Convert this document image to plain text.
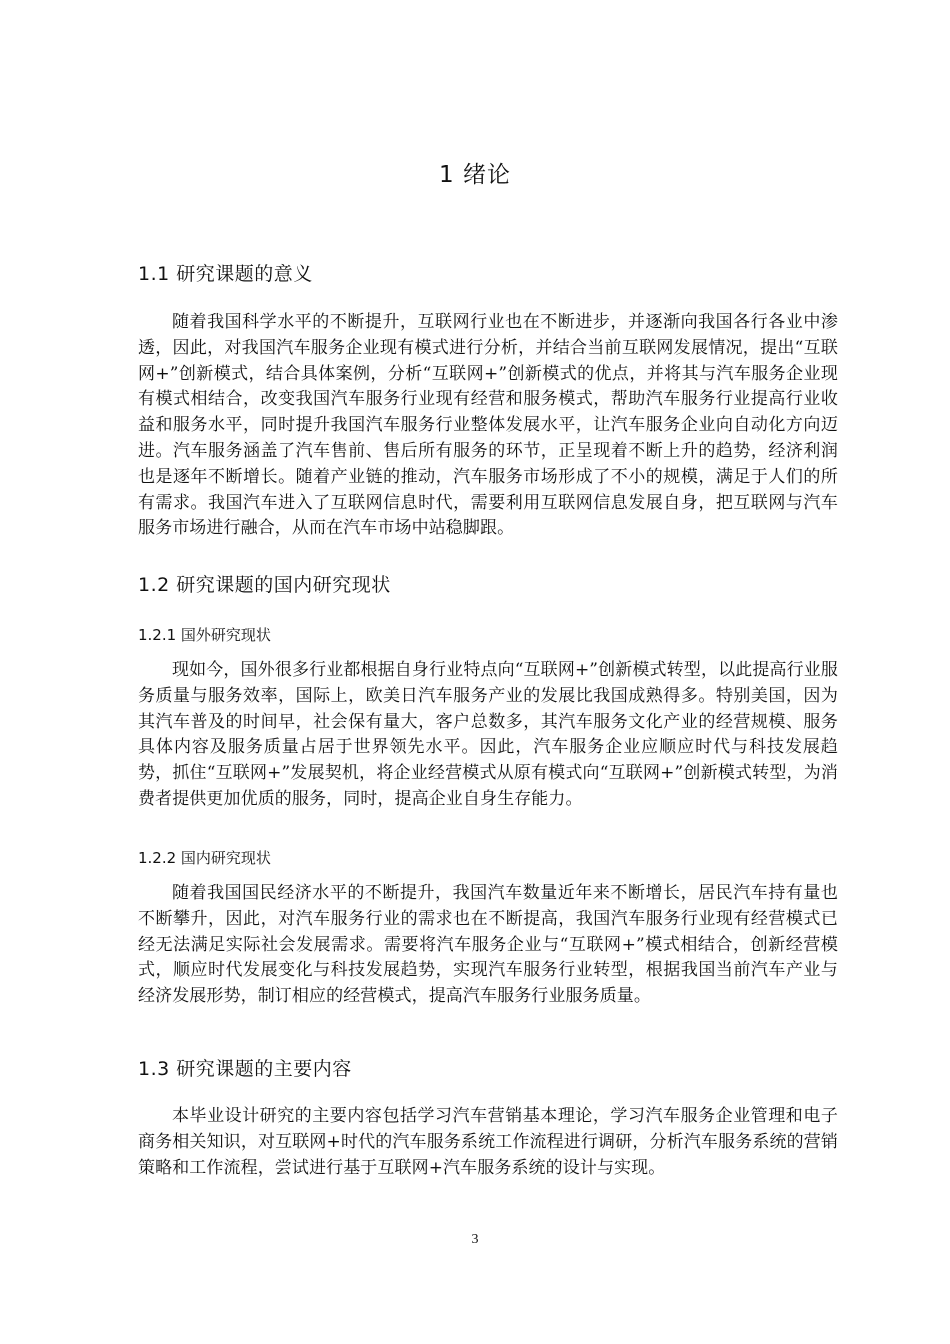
1 绪论
1.1 研究课题的意义

随着我国科学水平的不断提升，互联网行业也在不断进步，并逐渐向我国各行各业中渗透，因此，对我国汽车服务企业现有模式进行分析，并结合当前互联网发展情况，提出“互联网+”创新模式，结合具体案例，分析“互联网+”创新模式的优点，并将其与汽车服务企业现有模式相结合，改变我国汽车服务行业现有经营和服务模式，帮助汽车服务行业提高行业收益和服务水平，同时提升我国汽车服务行业整体发展水平，让汽车服务企业向自动化方向迈进。汽车服务涵盖了汽车售前、售后所有服务的环节，正呈现着不断上升的趋势，经济利润也是逐年不断增长。随着产业链的推动，汽车服务市场形成了不小的规模，满足于人们的所有需求。我国汽车进入了互联网信息时代，需要利用互联网信息发展自身，把互联网与汽车服务市场进行融合，从而在汽车市场中站稳脚跟。

1.2 研究课题的国内研究现状
1.2.1 国外研究现状

现如今，国外很多行业都根据自身行业特点向“互联网+”创新模式转型，以此提高行业服务质量与服务效率，国际上，欧美日汽车服务产业的发展比我国成熟得多。特别美国，因为其汽车普及的时间早，社会保有量大，客户总数多，其汽车服务文化产业的经营规模、服务具体内容及服务质量占居于世界领先水平。因此，汽车服务企业应顺应时代与科技发展趋势，抓住“互联网+”发展契机，将企业经营模式从原有模式向“互联网+”创新模式转型，为消费者提供更加优质的服务，同时，提高企业自身生存能力。

1.2.2 国内研究现状

随着我国国民经济水平的不断提升，我国汽车数量近年来不断增长，居民汽车持有量也不断攀升，因此，对汽车服务行业的需求也在不断提高，我国汽车服务行业现有经营模式已经无法满足实际社会发展需求。需要将汽车服务企业与“互联网+”模式相结合，创新经营模式，顺应时代发展变化与科技发展趋势，实现汽车服务行业转型，根据我国当前汽车产业与经济发展形势，制订相应的经营模式，提高汽车服务行业服务质量。

1.3 研究课题的主要内容

本毕业设计研究的主要内容包括学习汽车营销基本理论，学习汽车服务企业管理和电子商务相关知识，对互联网+时代的汽车服务系统工作流程进行调研，分析汽车服务系统的营销策略和工作流程，尝试进行基于互联网+汽车服务系统的设计与实现。

3
